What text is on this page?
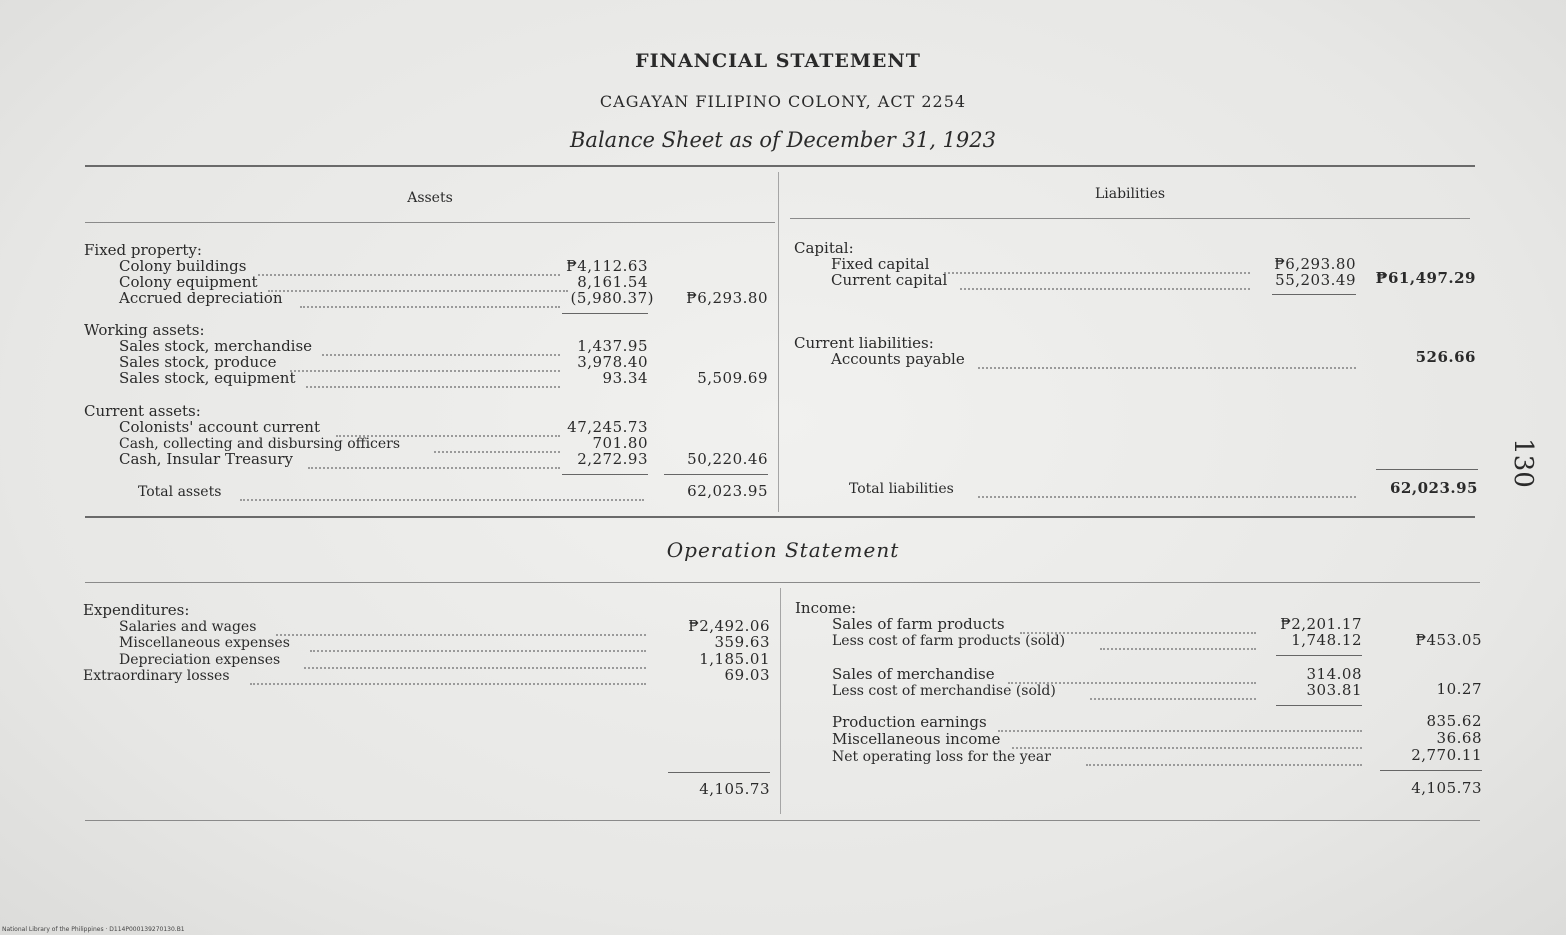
FINANCIAL STATEMENT
CAGAYAN FILIPINO COLONY, ACT 2254
Balance Sheet as of December 31, 1923
Assets	Liabilities
Fixed property:
Colony buildings	₱4,112.63
Colony equipment	8,161.54
Accrued depreciation	(5,980.37)	₱6,293.80
Working assets:
Sales stock, merchandise	1,437.95
Sales stock, produce	3,978.40
Sales stock, equipment	93.34	5,509.69
Current assets:
Colonists' account current	47,245.73
Cash, collecting and disbursing officers	701.80
Cash, Insular Treasury	2,272.93	50,220.46
Total assets	62,023.95
Capital:
Fixed capital	₱6,293.80
Current capital	55,203.49	₱61,497.29
Current liabilities:
Accounts payable	526.66
Total liabilities	62,023.95
Operation Statement
Expenditures:
Salaries and wages	₱2,492.06
Miscellaneous expenses	359.63
Depreciation expenses	1,185.01
Extraordinary losses	69.03
4,105.73
Income:
Sales of farm products	₱2,201.17
Less cost of farm products (sold)	1,748.12	₱453.05
Sales of merchandise	314.08
Less cost of merchandise (sold)	303.81	10.27
Production earnings	835.62
Miscellaneous income	36.68
Net operating loss for the year	2,770.11
4,105.73
130
National Library of the Philippines · D114P000139270130.B1
